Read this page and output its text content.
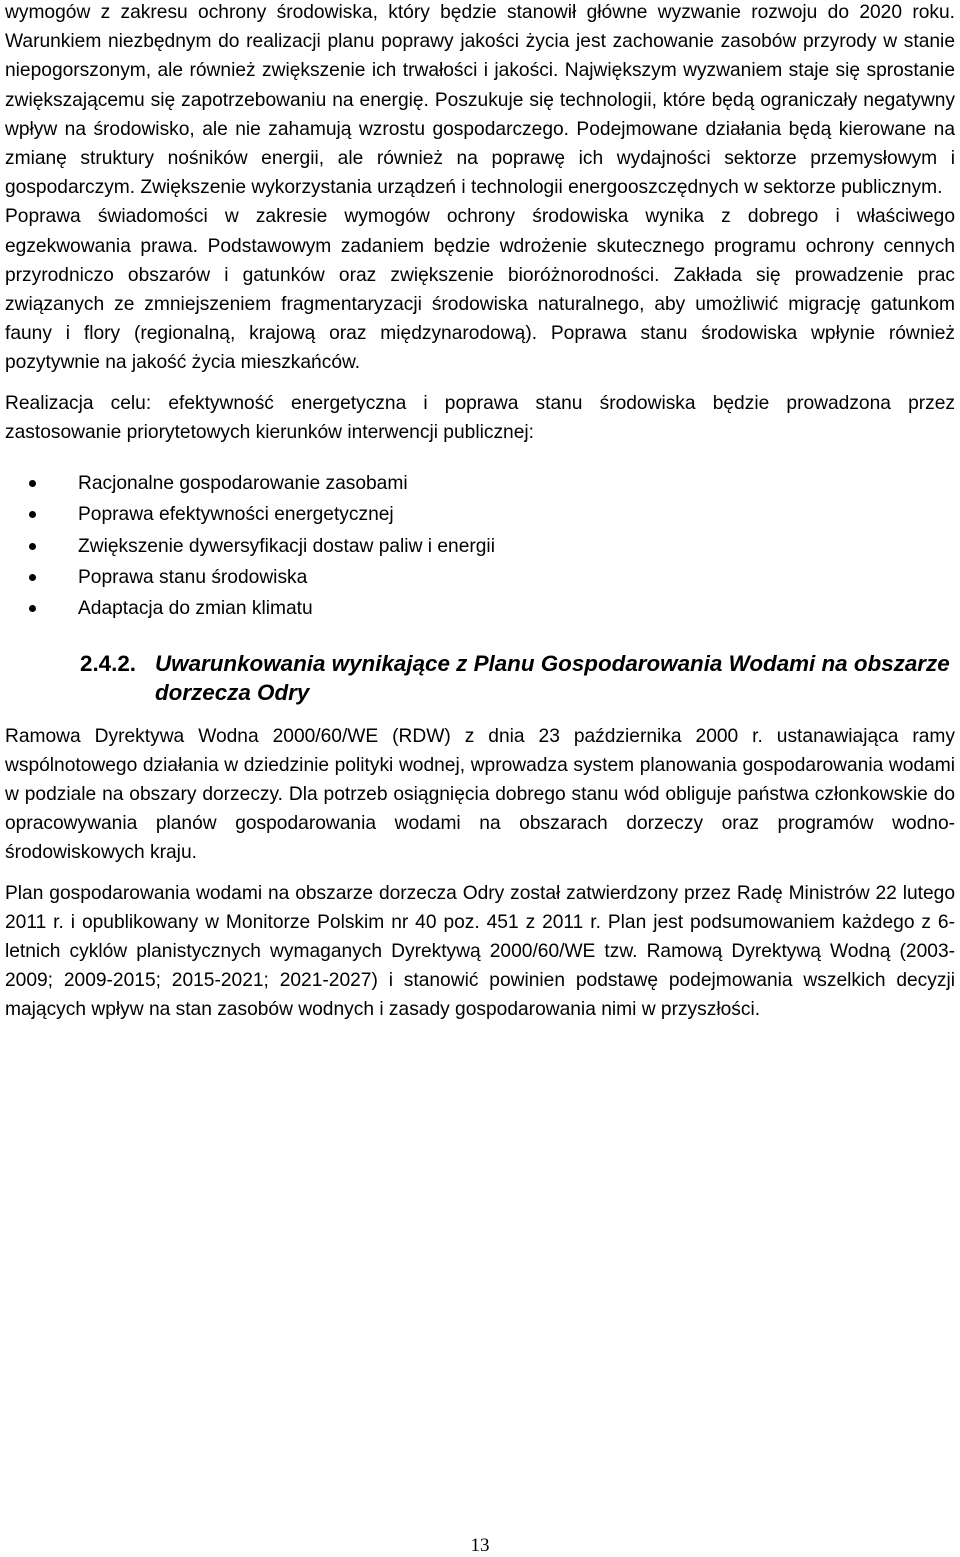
wymogów z zakresu ochrony środowiska, który będzie stanowił główne wyzwanie rozwoju do 2020 roku. Warunkiem niezbędnym do realizacji planu poprawy jakości życia jest zachowanie zasobów przyrody w stanie niepogorszonym, ale również zwiększenie ich trwałości i jakości. Największym wyzwaniem staje się sprostanie zwiększającemu się zapotrzebowaniu na energię. Poszukuje się technologii, które będą ograniczały negatywny wpływ na środowisko, ale nie zahamują wzrostu gospodarczego. Podejmowane działania będą kierowane na zmianę struktury nośników energii, ale również na poprawę ich wydajności sektorze przemysłowym i gospodarczym. Zwiększenie wykorzystania urządzeń i technologii energooszczędnych w sektorze publicznym.

Poprawa świadomości w zakresie wymogów ochrony środowiska wynika z dobrego i właściwego egzekwowania prawa. Podstawowym zadaniem będzie wdrożenie skutecznego programu ochrony cennych przyrodniczo obszarów i gatunków oraz zwiększenie bioróżnorodności. Zakłada się prowadzenie prac związanych ze zmniejszeniem fragmentaryzacji środowiska naturalnego, aby umożliwić migrację gatunkom fauny i flory (regionalną, krajową oraz międzynarodową). Poprawa stanu środowiska wpłynie również pozytywnie na jakość życia mieszkańców.

Realizacja celu: efektywność energetyczna i poprawa stanu środowiska będzie prowadzona przez zastosowanie priorytetowych kierunków interwencji publicznej:

Racjonalne gospodarowanie zasobami
Poprawa efektywności energetycznej
Zwiększenie dywersyfikacji dostaw paliw i energii
Poprawa stanu środowiska
Adaptacja do zmian klimatu
2.4.2. Uwarunkowania wynikające z Planu Gospodarowania Wodami na obszarze dorzecza Odry

Ramowa Dyrektywa Wodna 2000/60/WE (RDW) z dnia 23 października 2000 r. ustanawiająca ramy wspólnotowego działania w dziedzinie polityki wodnej, wprowadza system planowania gospodarowania wodami w podziale na obszary dorzeczy. Dla potrzeb osiągnięcia dobrego stanu wód obliguje państwa członkowskie do opracowywania planów gospodarowania wodami na obszarach dorzeczy oraz programów wodno-środowiskowych kraju.

Plan gospodarowania wodami na obszarze dorzecza Odry został zatwierdzony przez Radę Ministrów 22 lutego 2011 r. i opublikowany w Monitorze Polskim nr 40 poz. 451 z 2011 r. Plan jest podsumowaniem każdego z 6-letnich cyklów planistycznych wymaganych Dyrektywą 2000/60/WE tzw. Ramową Dyrektywą Wodną (2003-2009; 2009-2015; 2015-2021; 2021-2027) i stanowić powinien podstawę podejmowania wszelkich decyzji mających wpływ na stan zasobów wodnych i zasady gospodarowania nimi w przyszłości.

13
